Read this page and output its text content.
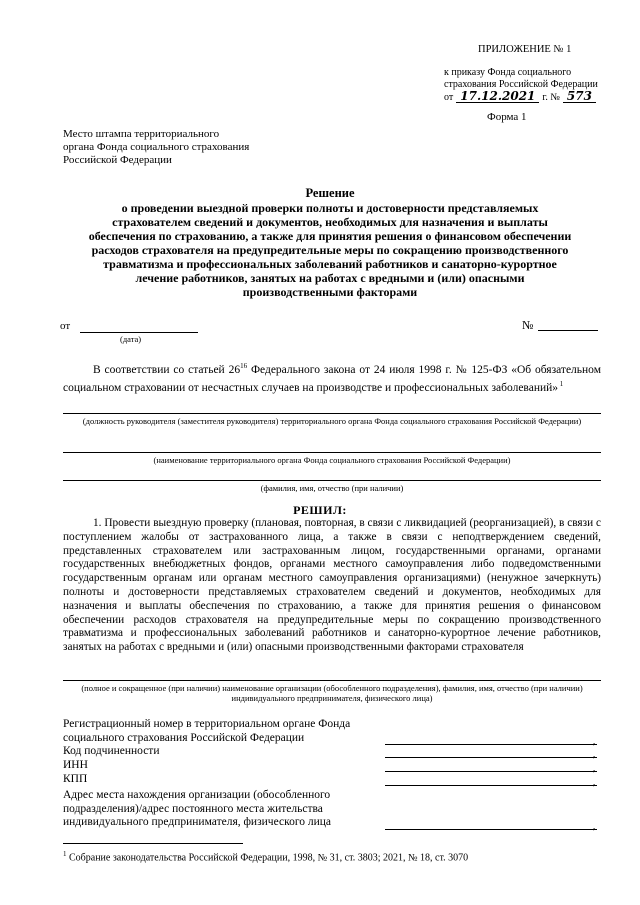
ПРИЛОЖЕНИЕ № 1
к приказу Фонда социального
страхования Российской Федерации
от 17.12.2021 г. № 573
Форма 1
Место штампа территориального
органа Фонда социального страхования
Российской Федерации
Решение
о проведении выездной проверки полноты и достоверности представляемых
страхователем сведений и документов, необходимых для назначения и выплаты
обеспечения по страхованию, а также для принятия решения о финансовом обеспечении
расходов страхователя на предупредительные меры по сокращению производственного
травматизма и профессиональных заболеваний работников и санаторно-курортное
лечение работников, занятых на работах с вредными и (или) опасными
производственными факторами
от
(дата)
№
В соответствии со статьей $26^{16}$ Федерального закона от 24 июля 1998 г. № 125-ФЗ «Об обязательном социальном страховании от несчастных случаев на производстве и профессиональных заболеваний» $^1$
(должность руководителя (заместителя руководителя) территориального органа Фонда социального страхования Российской Федерации)
(наименование территориального органа Фонда социального страхования Российской Федерации)
(фамилия, имя, отчество (при наличии)
РЕШИЛ:
1. Провести выездную проверку (плановая, повторная, в связи с ликвидацией (реорганизацией), в связи с поступлением жалобы от застрахованного лица, а также в связи с неподтверждением сведений, представленных страхователем или застрахованным лицом, государственными органами, органами государственных внебюджетных фондов, органами местного самоуправления либо подведомственными государственным органам или органам местного самоуправления организациями) (ненужное зачеркнуть) полноты и достоверности представляемых страхователем сведений и документов, необходимых для назначения и выплаты обеспечения по страхованию, а также для принятия решения о финансовом обеспечении расходов страхователя на предупредительные меры по сокращению производственного травматизма и профессиональных заболеваний работников и санаторно-курортное лечение работников, занятых на работах с вредными и (или) опасными производственными факторами страхователя
(полное и сокращенное (при наличии) наименование организации (обособленного подразделения), фамилия, имя, отчество (при наличии) индивидуального предпринимателя, физического лица)
Регистрационный номер в территориальном органе Фонда социального страхования Российской Федерации	,
Код подчиненности	,
ИНН	,
КПП	,
Адрес места нахождения организации (обособленного подразделения)/адрес постоянного места жительства индивидуального предпринимателя, физического лица	,
$^1$ Собрание законодательства Российской Федерации, 1998, № 31, ст. 3803; 2021, № 18, ст. 3070
